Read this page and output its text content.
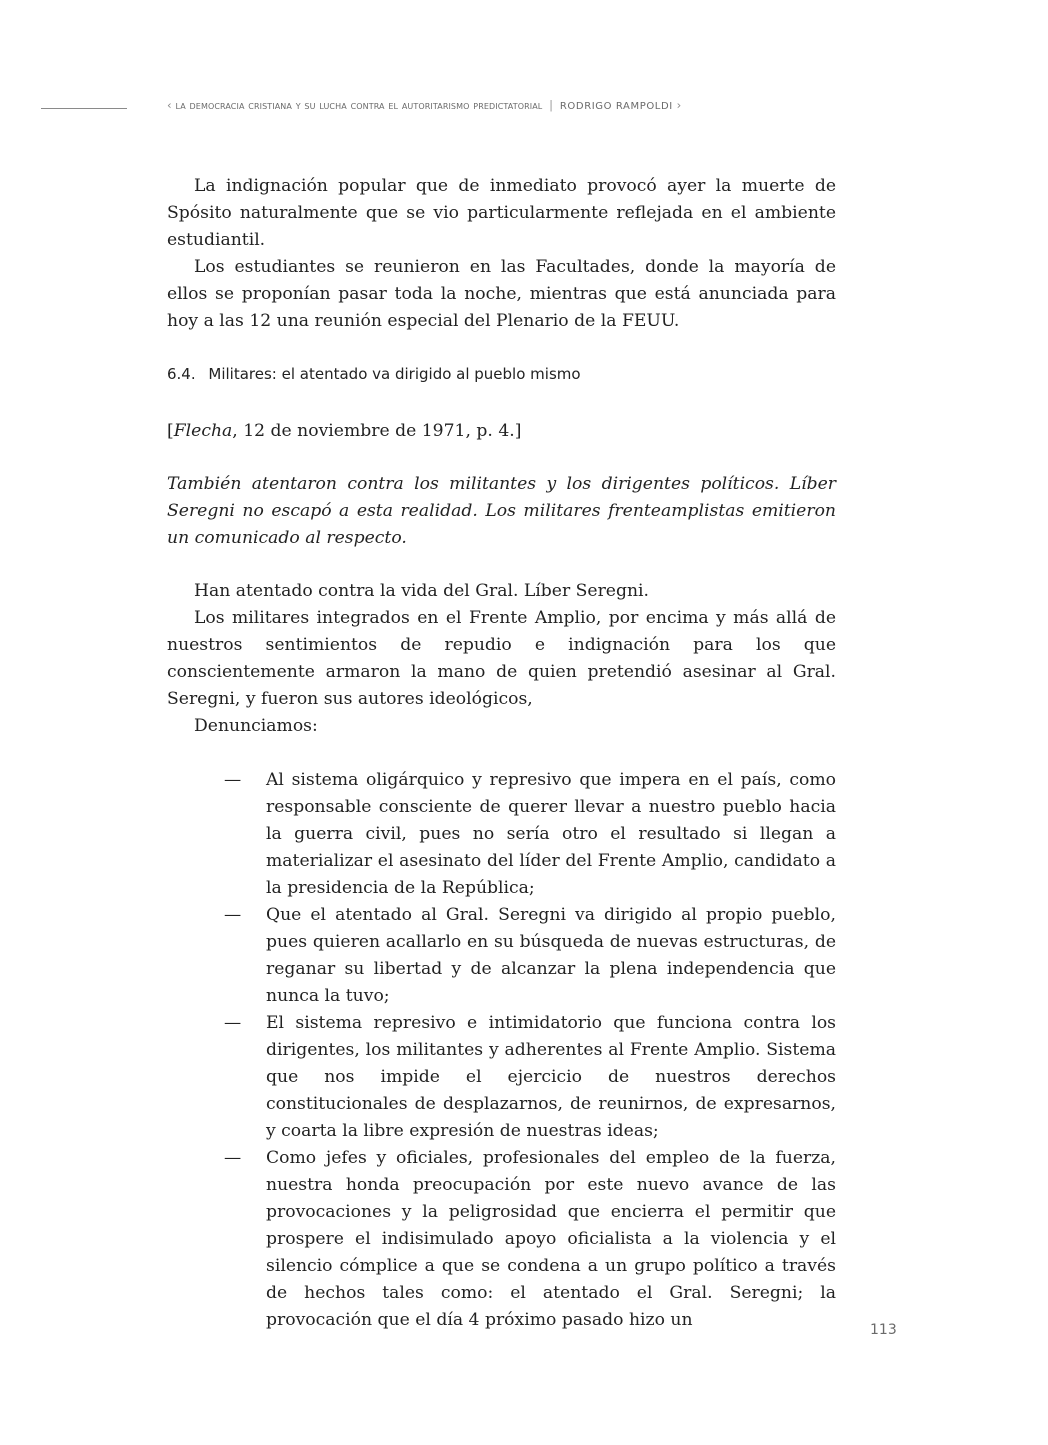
‹ la democracia cristiana y su lucha contra el autoritarismo predictatorial | RODRIGO RAMPOLDI ›

La indignación popular que de inmediato provocó ayer la muerte de Spósito naturalmente que se vio particularmente reflejada en el ambiente estudiantil.

Los estudiantes se reunieron en las Facultades, donde la mayoría de ellos se proponían pasar toda la noche, mientras que está anunciada para hoy a las 12 una reunión especial del Plenario de la FEUU.

6.4. Militares: el atentado va dirigido al pueblo mismo

[Flecha, 12 de noviembre de 1971, p. 4.]

También atentaron contra los militantes y los dirigentes políticos. Líber Seregni no escapó a esta realidad. Los militares frenteamplistas emitieron un comunicado al respecto.

Han atentado contra la vida del Gral. Líber Seregni.

Los militares integrados en el Frente Amplio, por encima y más allá de nuestros sentimientos de repudio e indignación para los que conscientemente armaron la mano de quien pretendió asesinar al Gral. Seregni, y fueron sus autores ideológicos,

Denunciamos:

— Al sistema oligárquico y represivo que impera en el país, como responsable consciente de querer llevar a nuestro pueblo hacia la guerra civil, pues no sería otro el resultado si llegan a materializar el asesinato del líder del Frente Amplio, candidato a la presidencia de la República;
— Que el atentado al Gral. Seregni va dirigido al propio pueblo, pues quieren acallarlo en su búsqueda de nuevas estructuras, de reganar su libertad y de alcanzar la plena independencia que nunca la tuvo;
— El sistema represivo e intimidatorio que funciona contra los dirigentes, los militantes y adherentes al Frente Amplio. Sistema que nos impide el ejercicio de nuestros derechos constitucionales de desplazarnos, de reunirnos, de expresarnos, y coarta la libre expresión de nuestras ideas;
— Como jefes y oficiales, profesionales del empleo de la fuerza, nuestra honda preocupación por este nuevo avance de las provocaciones y la peligrosidad que encierra el permitir que prospere el indisimulado apoyo oficialista a la violencia y el silencio cómplice a que se condena a un grupo político a través de hechos tales como: el atentado el Gral. Seregni; la provocación que el día 4 próximo pasado hizo un	113
